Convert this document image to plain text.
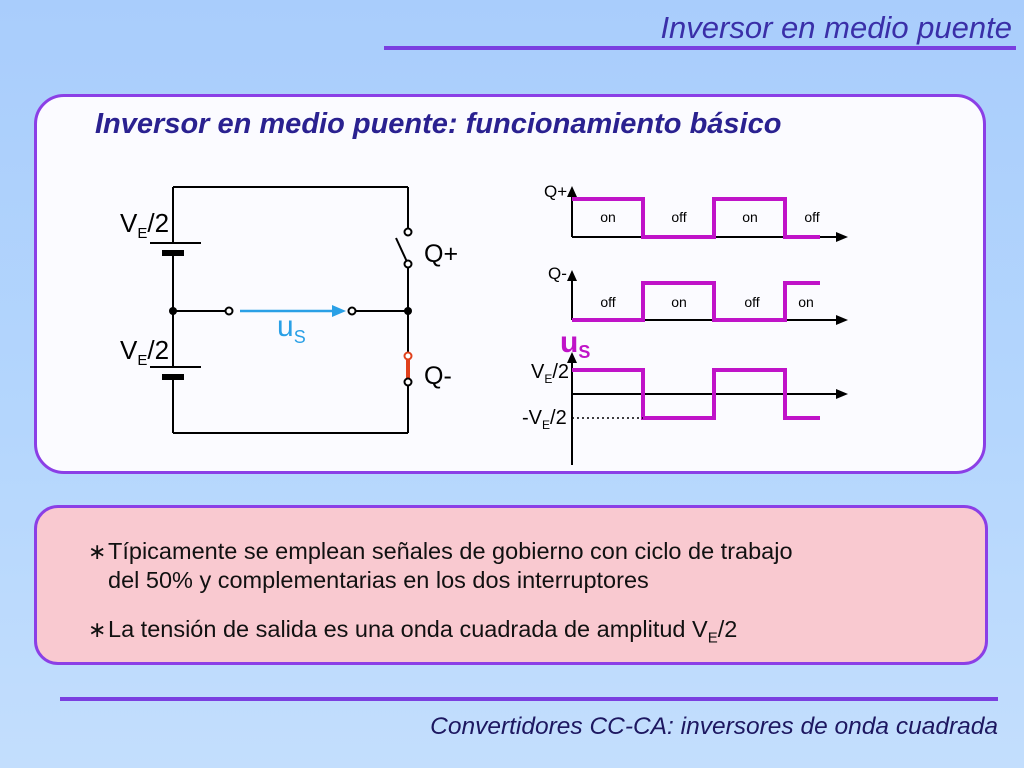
Inversor en medio puente
Inversor en medio puente: funcionamiento básico
$V_E/2$
$V_E/2$
$u_S$
Q+
Q-
Q+
Q-
on	off	on	off
off	on	off	on
$u_S$
$V_E/2$
$-V_E/2$
∗Típicamente se emplean señales de gobierno con ciclo de trabajo
del 50% y complementarias en los dos interruptores
∗La tensión de salida es una onda cuadrada de amplitud $V_E/2$
Convertidores CC-CA: inversores de onda cuadrada
